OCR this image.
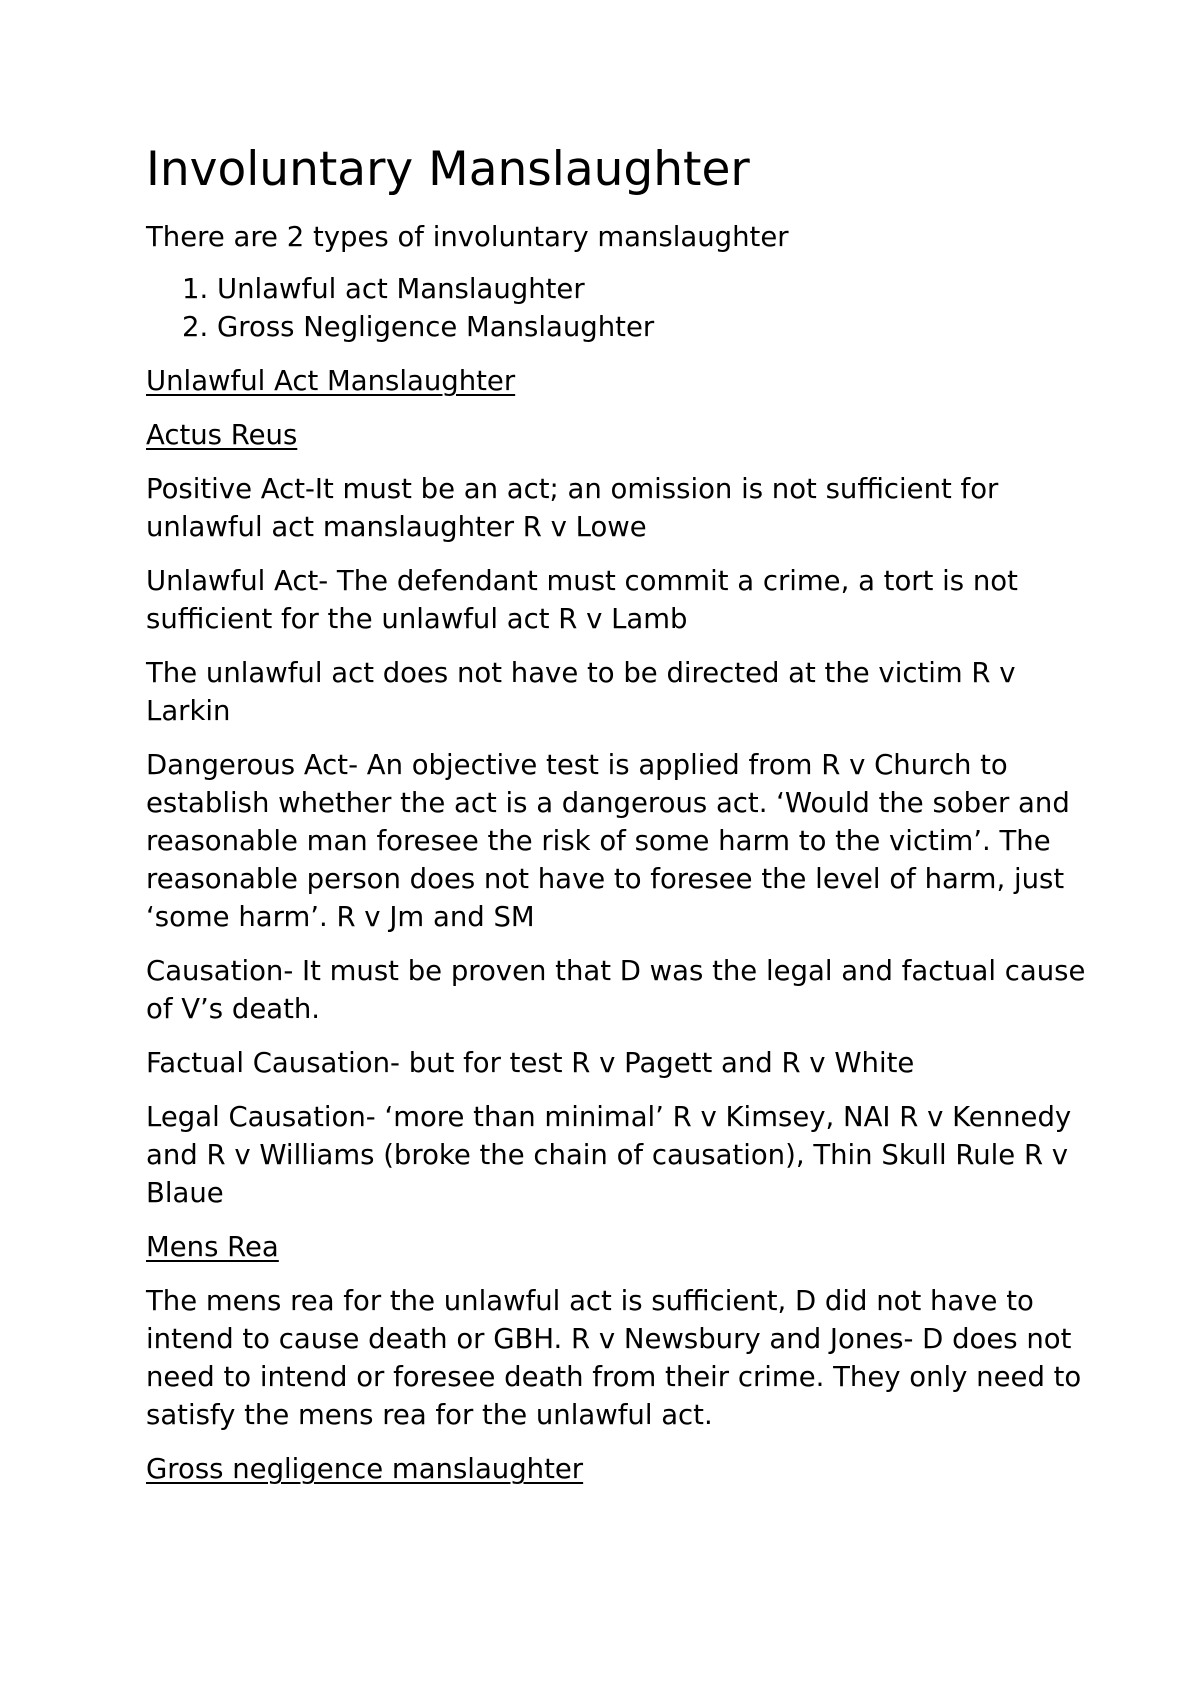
Involuntary Manslaughter

There are 2 types of involuntary manslaughter

1. Unlawful act Manslaughter
2. Gross Negligence Manslaughter

Unlawful Act Manslaughter

Actus Reus

Positive Act-It must be an act; an omission is not sufficient for unlawful act manslaughter R v Lowe

Unlawful Act- The defendant must commit a crime, a tort is not sufficient for the unlawful act R v Lamb

The unlawful act does not have to be directed at the victim R v Larkin

Dangerous Act- An objective test is applied from R v Church to establish whether the act is a dangerous act. ‘Would the sober and reasonable man foresee the risk of some harm to the victim’. The reasonable person does not have to foresee the level of harm, just ‘some harm’. R v Jm and SM

Causation- It must be proven that D was the legal and factual cause of V’s death.

Factual Causation- but for test R v Pagett and R v White

Legal Causation- ‘more than minimal’ R v Kimsey, NAI R v Kennedy and R v Williams (broke the chain of causation), Thin Skull Rule R v Blaue

Mens Rea

The mens rea for the unlawful act is sufficient, D did not have to intend to cause death or GBH. R v Newsbury and Jones- D does not need to intend or foresee death from their crime. They only need to satisfy the mens rea for the unlawful act.

Gross negligence manslaughter
